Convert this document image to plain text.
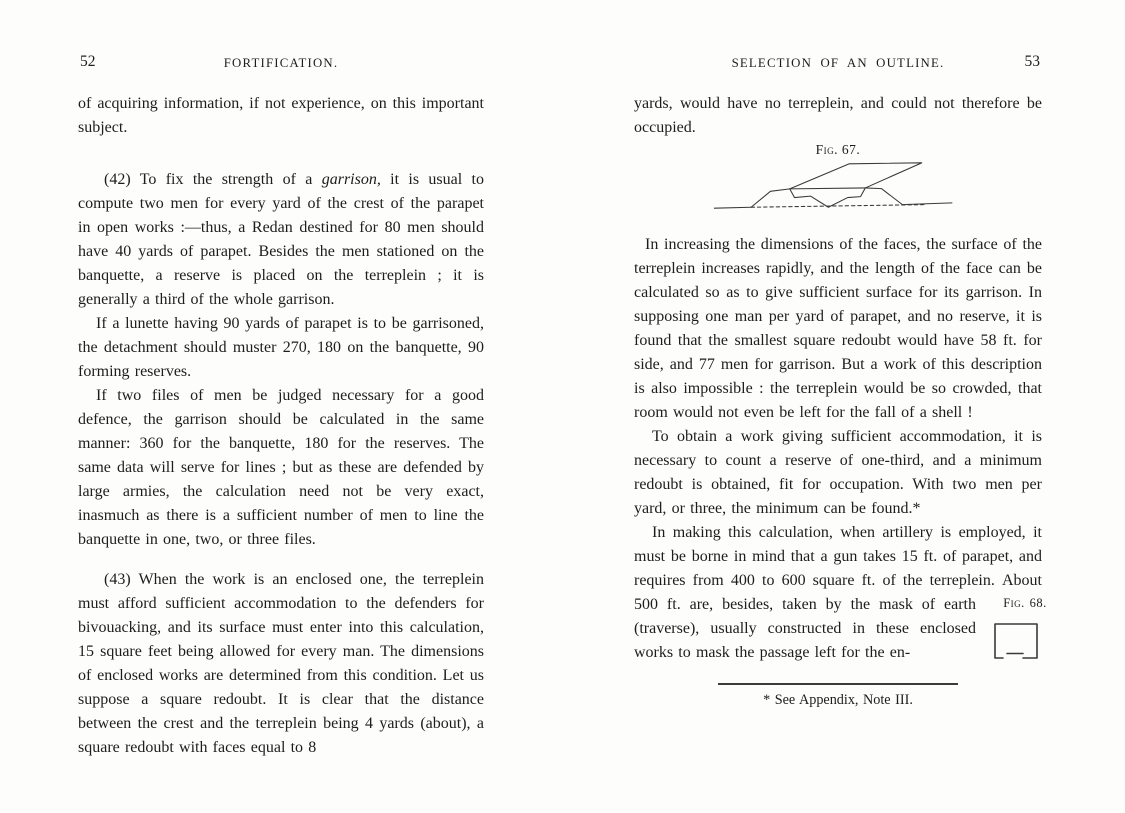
52	FORTIFICATION.

of acquiring information, if not experience, on this important subject.

(42) To fix the strength of a garrison, it is usual to compute two men for every yard of the crest of the parapet in open works :—thus, a Redan destined for 80 men should have 40 yards of parapet. Besides the men stationed on the banquette, a reserve is placed on the terreplein ; it is generally a third of the whole garrison.

If a lunette having 90 yards of parapet is to be garrisoned, the detachment should muster 270, 180 on the banquette, 90 forming reserves.

If two files of men be judged necessary for a good defence, the garrison should be calculated in the same manner: 360 for the banquette, 180 for the reserves. The same data will serve for lines ; but as these are defended by large armies, the calculation need not be very exact, inasmuch as there is a sufficient number of men to line the banquette in one, two, or three files.

(43) When the work is an enclosed one, the terreplein must afford sufficient accommodation to the defenders for bivouacking, and its surface must enter into this calculation, 15 square feet being allowed for every man. The dimensions of enclosed works are determined from this condition. Let us suppose a square redoubt. It is clear that the distance between the crest and the terreplein being 4 yards (about), a square redoubt with faces equal to 8

SELECTION OF AN OUTLINE.	53

yards, would have no terreplein, and could not therefore be occupied.

Fig. 67.

In increasing the dimensions of the faces, the surface of the terreplein increases rapidly, and the length of the face can be calculated so as to give sufficient surface for its garrison. In supposing one man per yard of parapet, and no reserve, it is found that the smallest square redoubt would have 58 ft. for side, and 77 men for garrison. But a work of this description is also impossible : the terreplein would be so crowded, that room would not even be left for the fall of a shell !

To obtain a work giving sufficient accommodation, it is necessary to count a reserve of one-third, and a minimum redoubt is obtained, fit for occupation. With two men per yard, or three, the minimum can be found.*

In making this calculation, when artillery is employed, it must be borne in mind that a gun takes 15 ft. of parapet, and requires from 400 to 600 square ft. of the terreplein.
Fig. 68.
About 500 ft. are, besides, taken by the mask of earth (traverse), usually constructed in these enclosed works to mask the passage left for the en-

* See Appendix, Note III.
